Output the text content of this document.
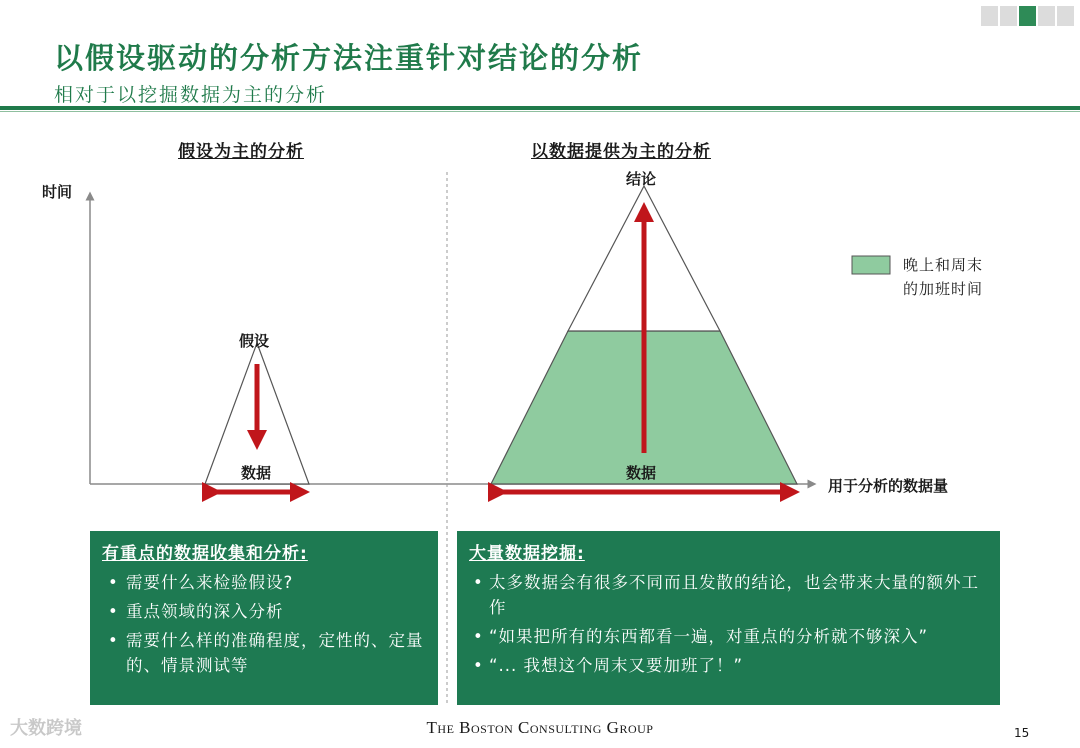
以假设驱动的分析方法注重针对结论的分析
相对于以挖掘数据为主的分析
假设为主的分析	以数据提供为主的分析
时间
假设
数据
结论
数据
用于分析的数据量
晚上和周末
的加班时间
有重点的数据收集和分析:
• 需要什么来检验假设?
• 重点领域的深入分析
• 需要什么样的准确程度，定性的、定量的、情景测试等
大量数据挖掘:
• 太多数据会有很多不同而且发散的结论，也会带来大量的额外工作
• “如果把所有的东西都看一遍，对重点的分析就不够深入”
• “... 我想这个周末又要加班了！”
大数跨境	The Boston Consulting Group	15
